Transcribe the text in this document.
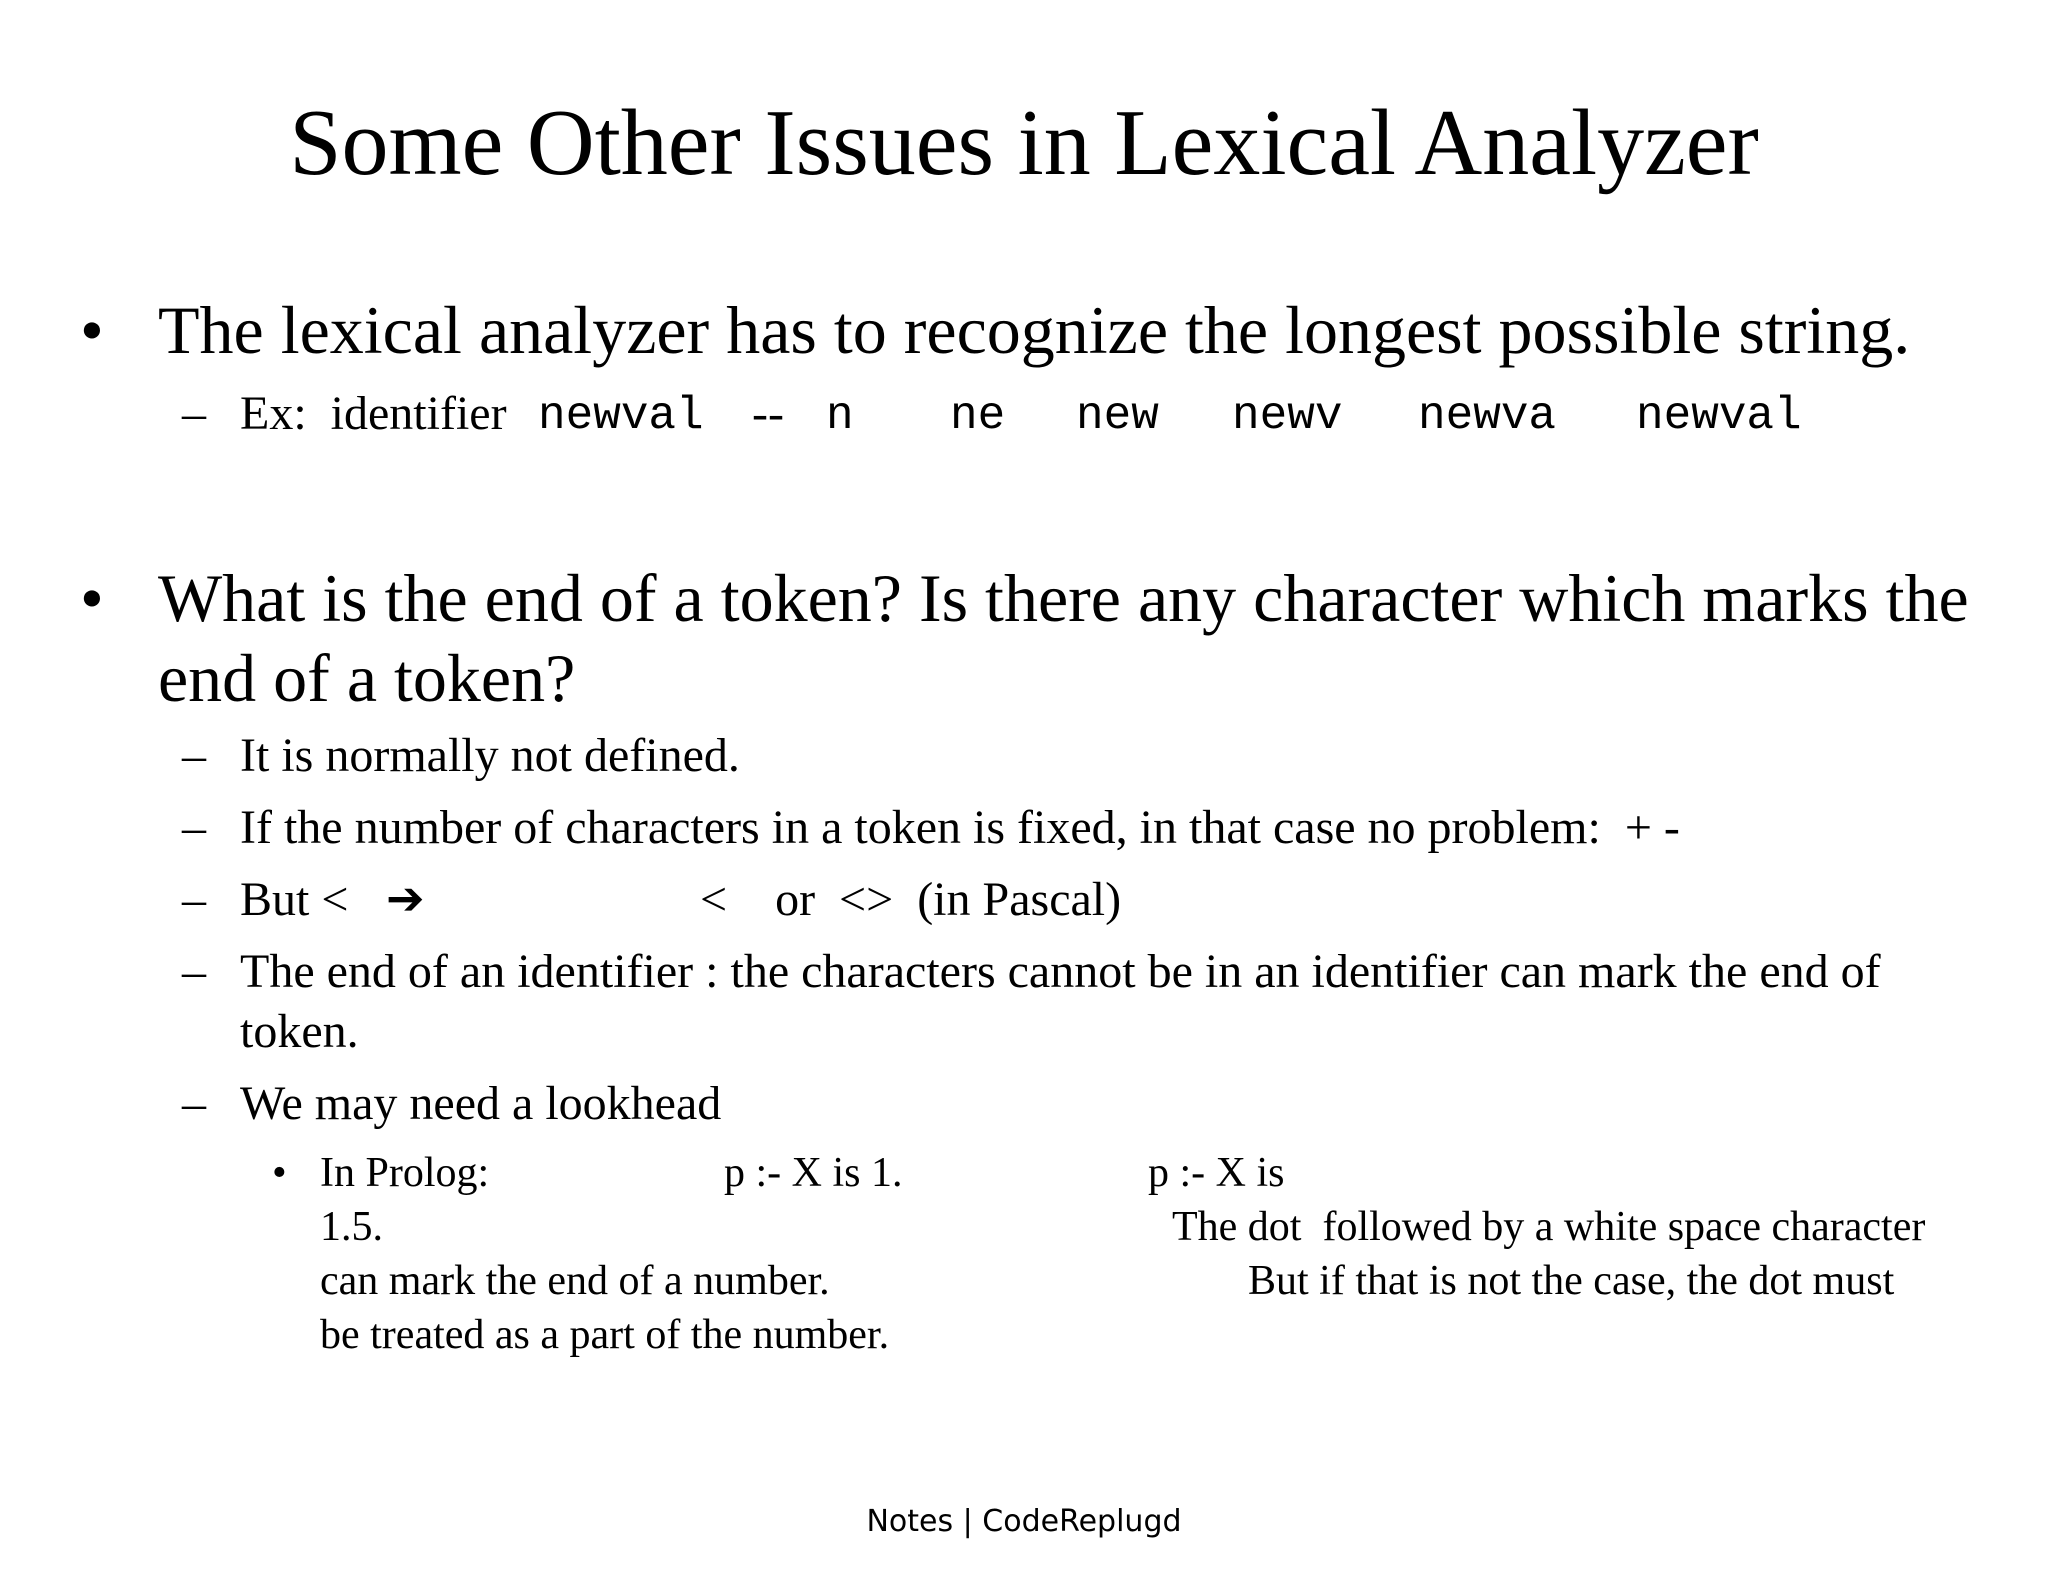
Some Other Issues in Lexical Analyzer
• The lexical analyzer has to recognize the longest possible string.
– Ex:  identifier newval -- n ne new newv newva newval
• What is the end of a token? Is there any character which marks the
end of a token?
– It is normally not defined.
– If the number of characters in a token is fixed, in that case no problem:  + -
– But < ➔	<    or  <>  (in Pascal)
– The end of an identifier : the characters cannot be in an identifier can mark the end of
token.
– We may need a lookhead
• In Prolog:	p :- X is 1.	p :- X is
1.5.	The dot  followed by a white space character
can mark the end of a number.	But if that is not the case, the dot must
be treated as a part of the number.
Notes | CodeReplugd
